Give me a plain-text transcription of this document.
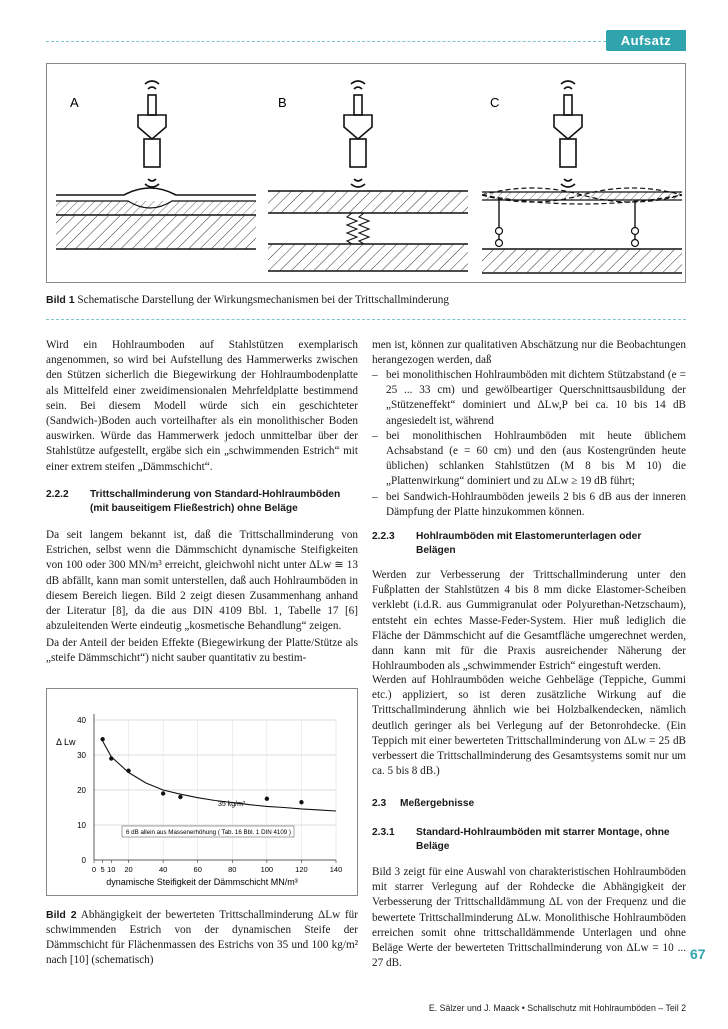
Aufsatz
A	B	C
Bild 1 Schematische Darstellung der Wirkungsmechanismen bei der Trittschallminderung
Wird ein Hohlraumboden auf Stahlstützen exemplarisch angenommen, so wird bei Aufstellung des Hammerwerks zwischen den Stützen sicherlich die Biegewirkung der Hohlraumbodenplatte als Mittelfeld einer zweidimensionalen Mehrfeldplatte bestimmend sein. Bei diesem Modell würde sich ein geschichteter (Sandwich-)Boden auch vorteilhafter als ein monolithischer Boden auswirken. Würde das Hammerwerk jedoch unmittelbar über der Stahlstütze aufgestellt, ergäbe sich ein „schwimmenden Estrich“ mit einer extrem steifen „Dämmschicht“.
2.2.2 Trittschallminderung von Standard-Hohlraumböden (mit bauseitigem Fließestrich) ohne Beläge
Da seit langem bekannt ist, daß die Trittschallminderung von Estrichen, selbst wenn die Dämmschicht dynamische Steifigkeiten von 100 oder 300 MN/m³ erreicht, gleichwohl nicht unter ΔLw ≅ 13 dB abfällt, kann man somit unterstellen, daß auch Hohlraumböden in diesem Bereich liegen. Bild 2 zeigt diesen Zusammenhang anhand der Literatur [8], da die aus DIN 4109 Bbl. 1, Tabelle 17 [6] abzuleitenden Werte eindeutig „kosmetische Behandlung“ zeigen.
Da der Anteil der beiden Effekte (Biegewirkung der Platte/Stütze als „steife Dämmschicht“) nicht sauber quantitativ zu bestim-
0
10
20
30
40
0 5 10 20	40	60	80	100	120	140
Δ Lw
dynamische Steifigkeit der Dämmschicht MN/m³
35 kg/m²
6 dB allein aus Massenerhöhung ( Tab. 16 Bbl. 1 DIN 4109 )
Bild 2 Abhängigkeit der bewerteten Trittschallminderung ΔLw für schwimmenden Estrich von der dynamischen Steife der Dämmschicht für Flächenmassen des Estrichs von 35 und 100 kg/m² nach [10] (schematisch)
men ist, können zur qualitativen Abschätzung nur die Beobachtungen herangezogen werden, daß
– bei monolithischen Hohlraumböden mit dichtem Stützabstand (e = 25 ... 33 cm) und gewölbeartiger Querschnittsausbildung der „Stützeneffekt“ dominiert und ΔLw,P bei ca. 10 bis 14 dB angesiedelt ist, während
– bei monolithischen Hohlraumböden mit heute üblichem Achsabstand (e = 60 cm) und den (aus Kostengründen heute üblichen) schlanken Stahlstützen (M 8 bis M 10) die „Plattenwirkung“ dominiert und zu ΔLw ≥ 19 dB führt;
– bei Sandwich-Hohlraumböden jeweils 2 bis 6 dB aus der inneren Dämpfung der Platte hinzukommen können.
2.2.3 Hohlraumböden mit Elastomerunterlagen oder Belägen
Werden zur Verbesserung der Trittschallminderung unter den Fußplatten der Stahlstützen 4 bis 8 mm dicke Elastomer-Scheiben verklebt (i.d.R. aus Gummigranulat oder Polyurethan-Netzschaum), entsteht ein echtes Masse-Feder-System. Hier muß lediglich die Fläche der Dämmschicht auf die Gesamtfläche umgerechnet werden, dann kann mit für die Praxis ausreichender Näherung der Hohlraumboden als „schwimmender Estrich“ eingestuft werden.
Werden auf Hohlraumböden weiche Gehbeläge (Teppiche, Gummi etc.) appliziert, so ist deren zusätzliche Wirkung auf die Trittschallminderung ähnlich wie bei Holzbalkendecken, nämlich deutlich geringer als bei Verlegung auf der Betonrohdecke. (Ein Teppich mit einer bewerteten Trittschallminderung von ΔLw = 25 dB verbessert die Trittschallminderung des Gesamtsystems somit nur um ca. 5 bis 8 dB.)
2.3 Meßergebnisse
2.3.1 Standard-Hohlraumböden mit starrer Montage, ohne Beläge
Bild 3 zeigt für eine Auswahl von charakteristischen Hohlraumböden mit starrer Verlegung auf der Rohdecke die Abhängigkeit der Verbesserung der Trittschalldämmung ΔL von der Frequenz und die bewertete Trittschallminderung ΔLw. Monolithische Hohlraumböden erreichen somit ohne trittschalldämmende Unterlagen und ohne Beläge Werte der bewerteten Trittschallminderung von ΔLw = 10 ... 27 dB.
67
E. Sälzer und J. Maack • Schallschutz mit Hohlraumböden – Teil 2
